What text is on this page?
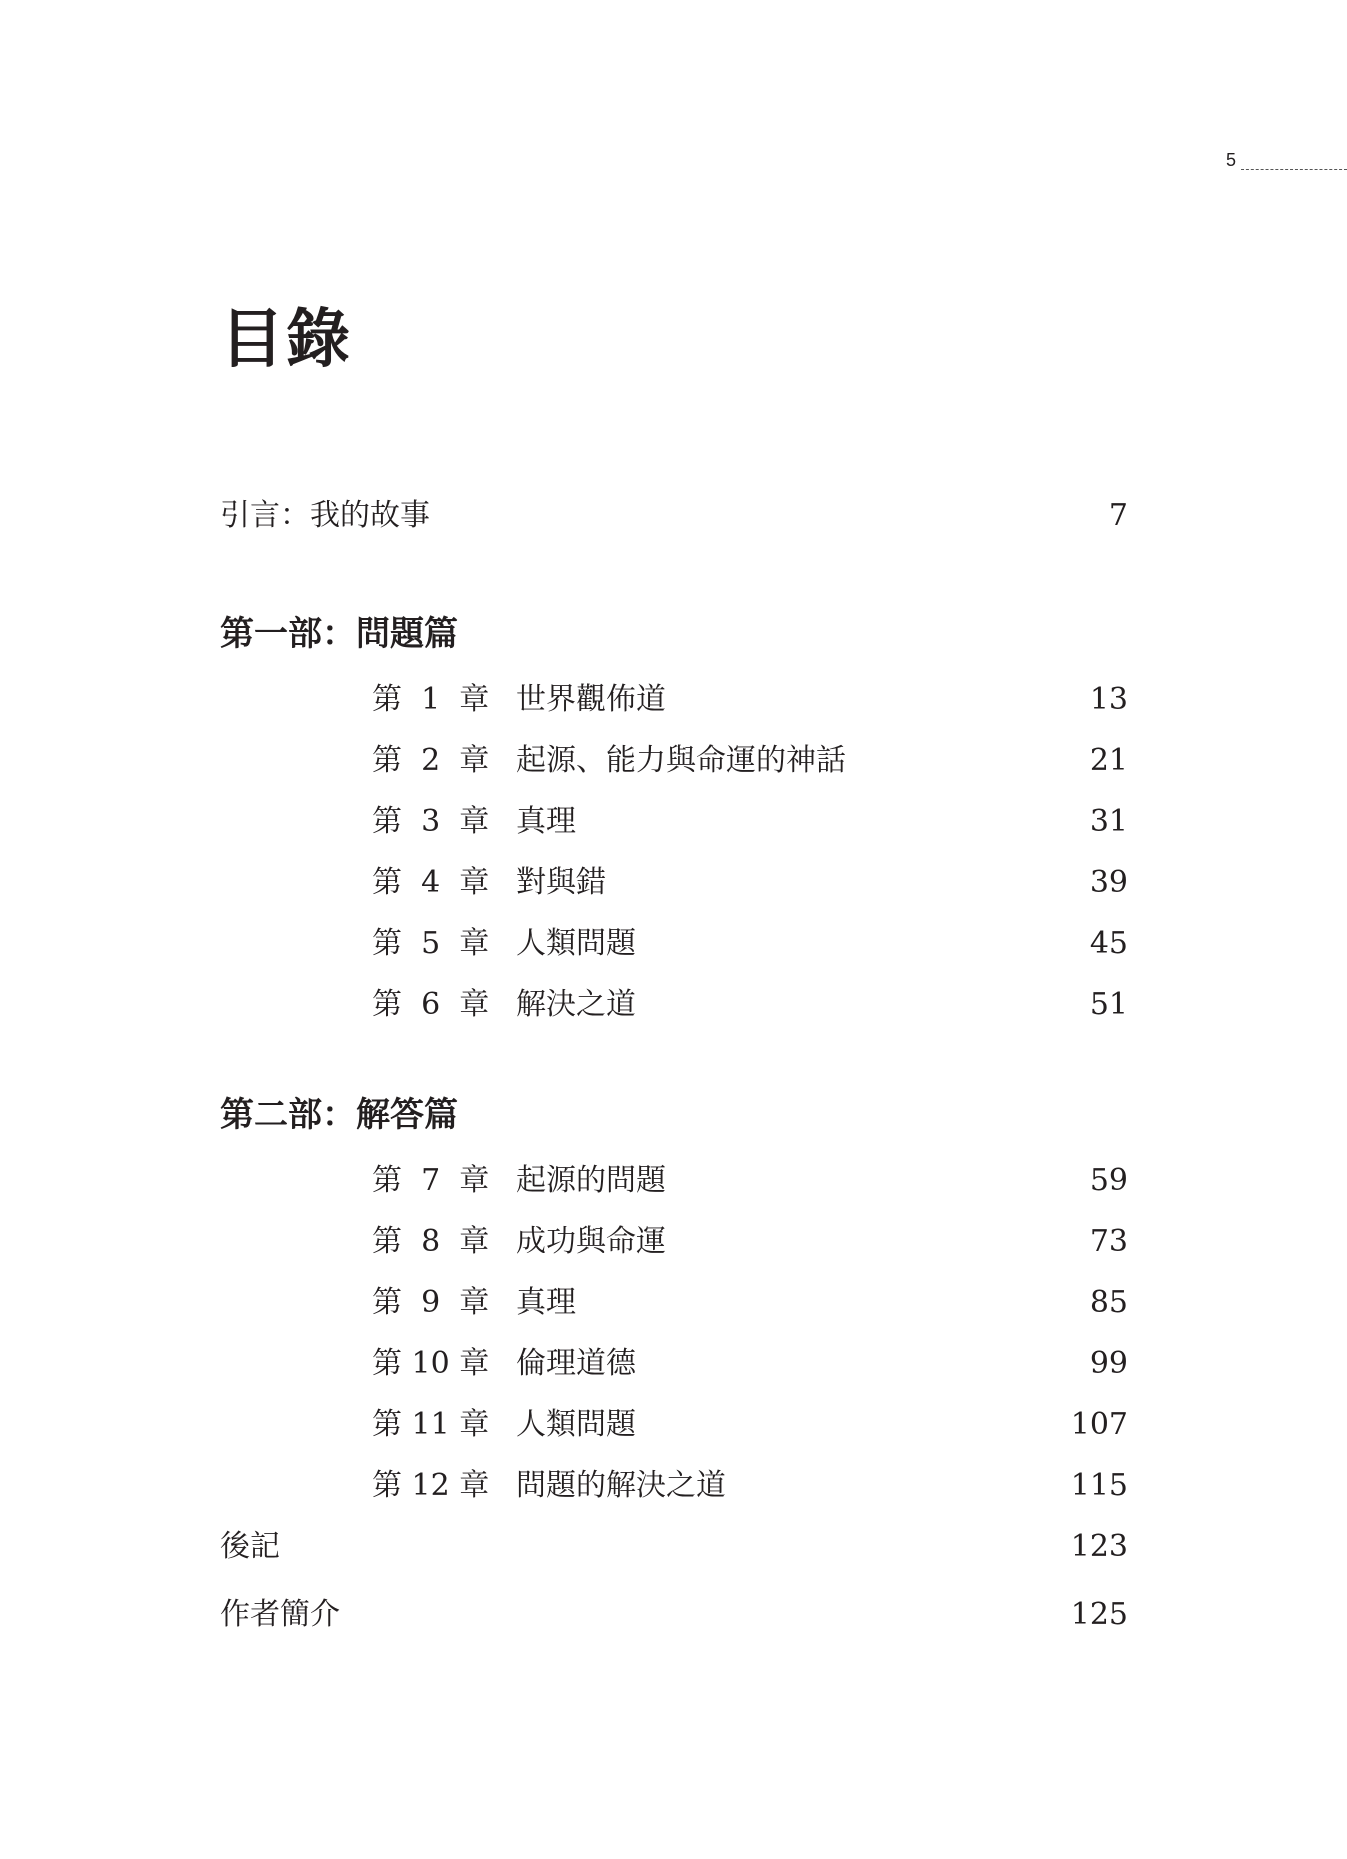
5
目錄
引言：我的故事	7
第一部：問題篇
第  1  章 世界觀佈道	13
第  2  章 起源、能力與命運的神話	21
第  3  章 真理	31
第  4  章 對與錯	39
第  5  章 人類問題	45
第  6  章 解決之道	51
第二部：解答篇
第  7  章 起源的問題	59
第  8  章 成功與命運	73
第  9  章 真理	85
第 10 章 倫理道德	99
第 11 章 人類問題	107
第 12 章 問題的解決之道	115
後記	123
作者簡介	125
